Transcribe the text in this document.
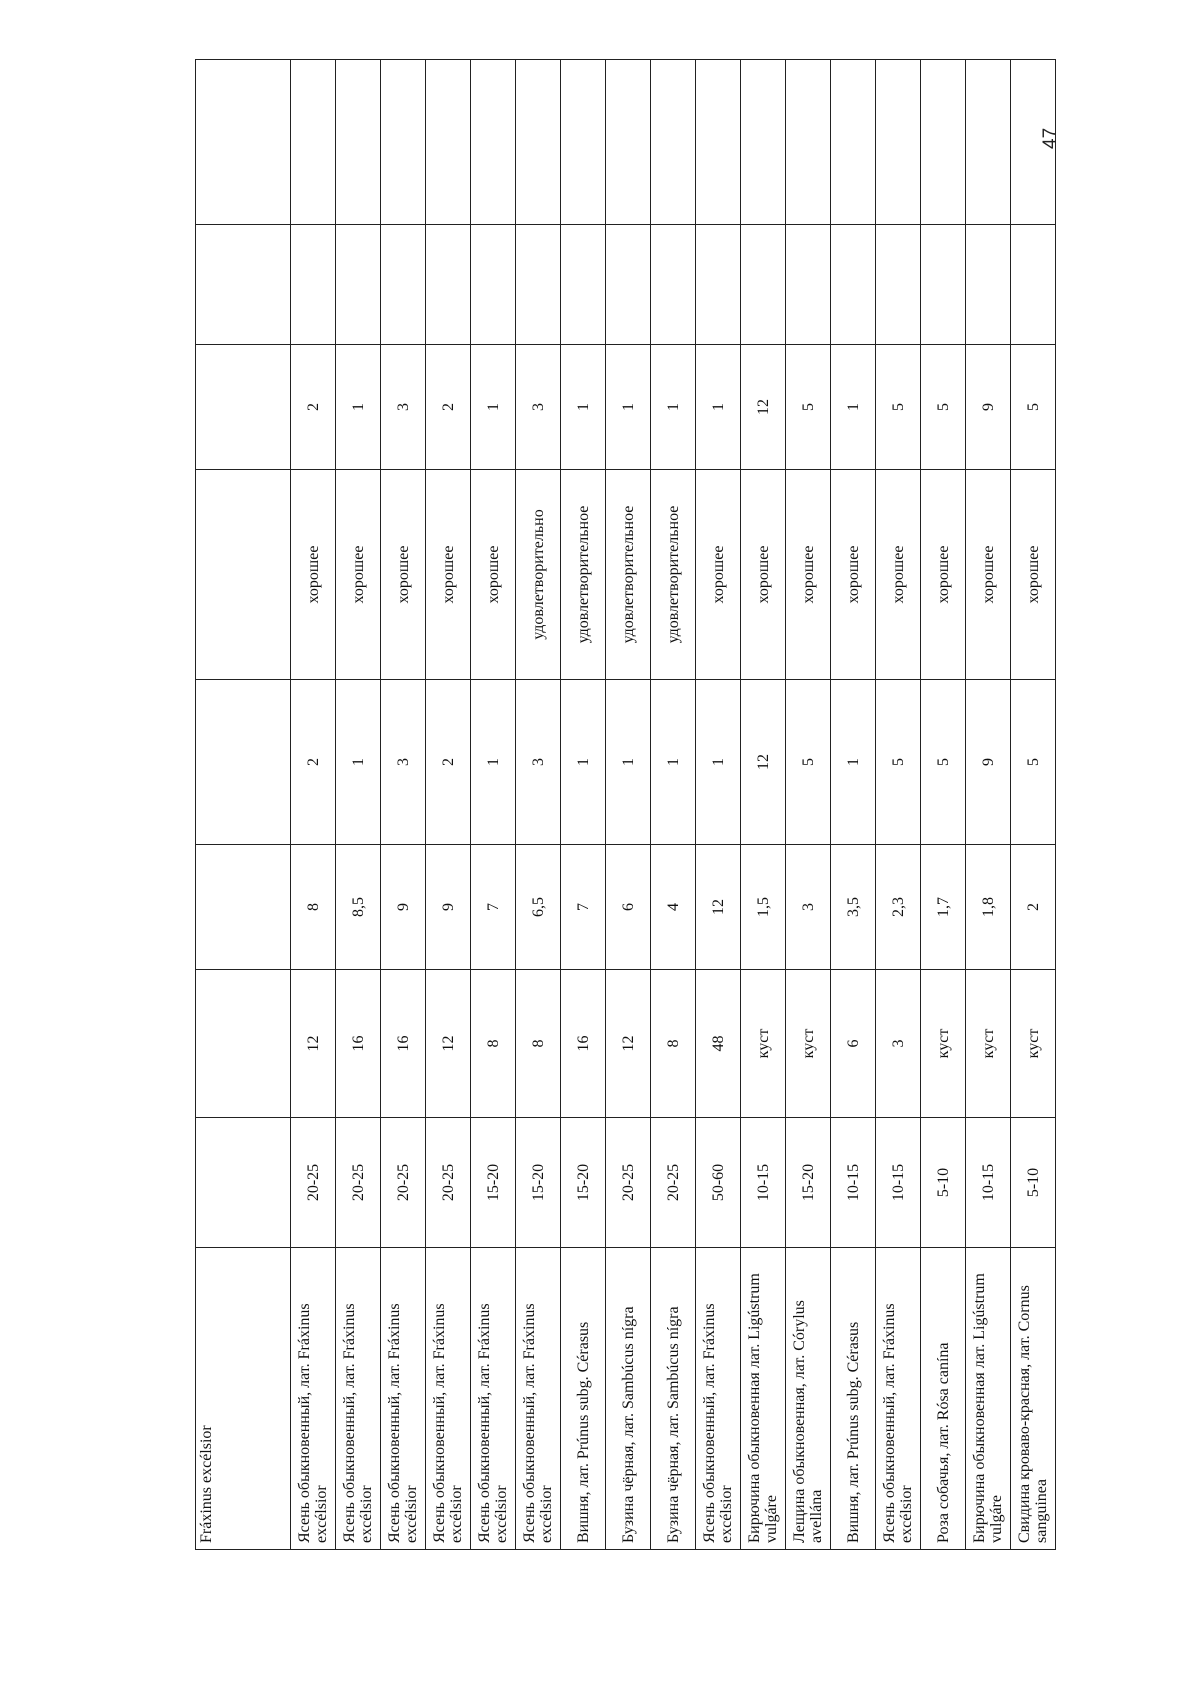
Fráxinus excélsior								
Ясень обыкновенный, лат. Fráxinus excélsior	20-25	12	8	2	хорошее	2		
Ясень обыкновенный, лат. Fráxinus excélsior	20-25	16	8,5	1	хорошее	1		
Ясень обыкновенный, лат. Fráxinus excélsior	20-25	16	9	3	хорошее	3		
Ясень обыкновенный, лат. Fráxinus excélsior	20-25	12	9	2	хорошее	2		
Ясень обыкновенный, лат. Fráxinus excélsior	15-20	8	7	1	хорошее	1		
Ясень обыкновенный, лат. Fráxinus excélsior	15-20	8	6,5	3	удовлетворительно	3		
Вишня, лат. Prúnus subg. Cérasus	15-20	16	7	1	удовлетворительное	1		
Бузина чёрная, лат. Sambúcus nígra	20-25	12	6	1	удовлетворительное	1		
Бузина чёрная, лат. Sambúcus nígra	20-25	8	4	1	удовлетворительное	1		
Ясень обыкновенный, лат. Fráxinus excélsior	50-60	48	12	1	хорошее	1		
Бирючина обыкновенная лат. Ligústrum vulgáre	10-15	куст	1,5	12	хорошее	12		
Лещина обыкновенная, лат. Córylus avellána	15-20	куст	3	5	хорошее	5		
Вишня, лат. Prúnus subg. Cérasus	10-15	6	3,5	1	хорошее	1		
Ясень обыкновенный, лат. Fráxinus excélsior	10-15	3	2,3	5	хорошее	5		
Роза собачья, лат. Rósa canína	5-10	куст	1,7	5	хорошее	5		
Бирючина обыкновенная лат. Ligústrum vulgáre	10-15	куст	1,8	9	хорошее	9		
Свидина кроваво-красная, лат. Cornus sanguinea	5-10	куст	2	5	хорошее	5		
47
